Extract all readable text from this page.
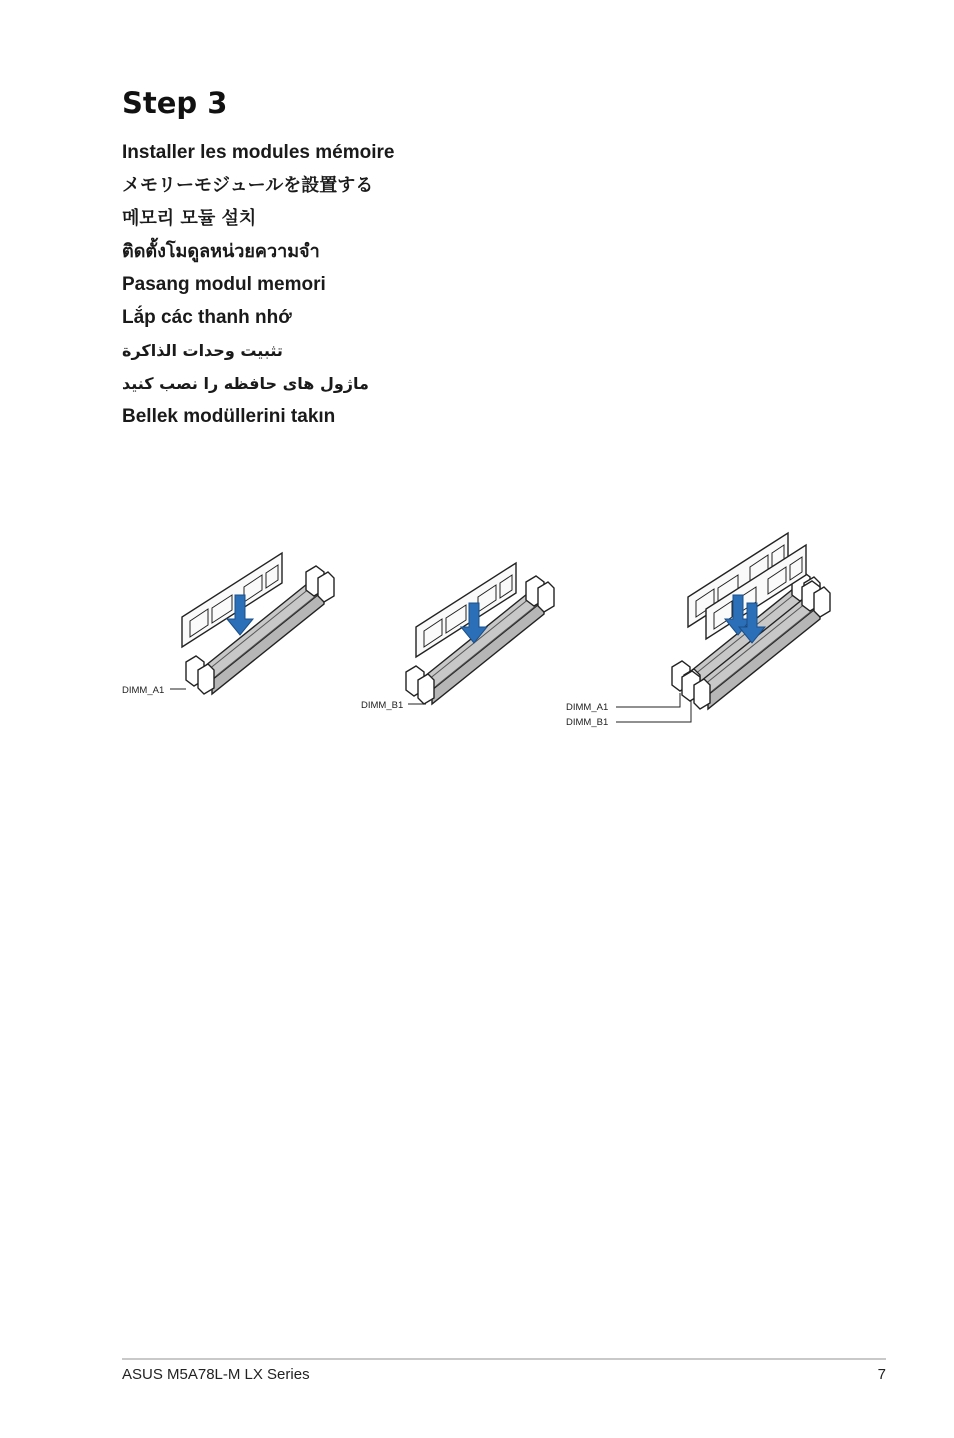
Step 3
Installer les modules mémoire
メモリーモジュールを設置する
메모리 모듈 설치
ติดตั้งโมดูลหน่วยความจำ
Pasang modul memori
Lắp các thanh nhớ
تثبيت وحدات الذاكرة
ماژول های حافظه را نصب کنید
Bellek modüllerini takın
DIMM_A1
DIMM_B1	DIMM_A1
DIMM_B1
ASUS M5A78L-M LX Series	7
